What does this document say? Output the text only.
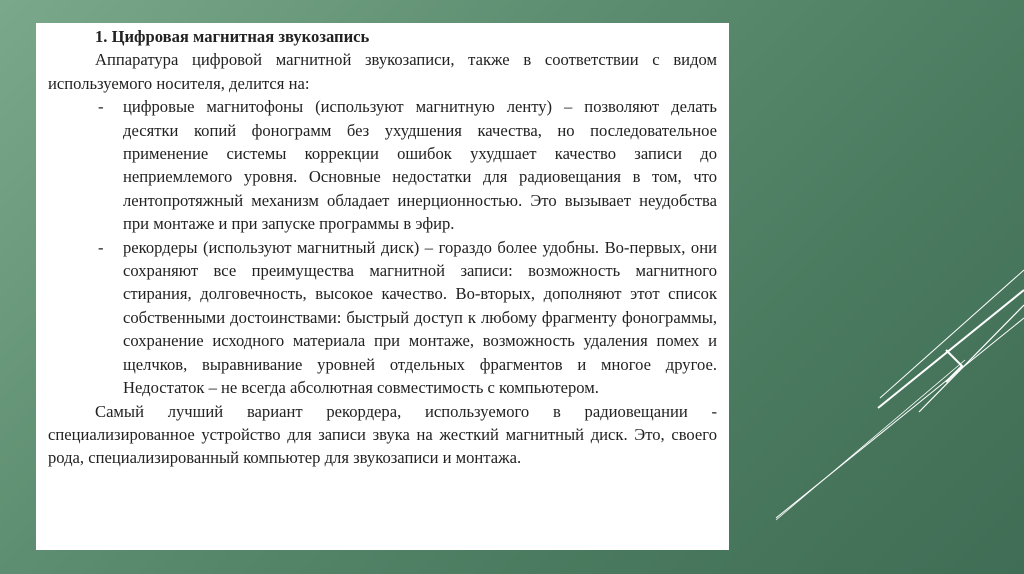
1. Цифровая магнитная звукозапись

Аппаратура цифровой магнитной звукозаписи, также в соответствии с видом используемого носителя, делится на:

- цифровые магнитофоны (используют магнитную ленту) – позволяют делать десятки копий фонограмм без ухудшения качества, но последовательное применение системы коррекции ошибок ухудшает качество записи до неприемлемого уровня. Основные недостатки для радиовещания в том, что лентопротяжный механизм обладает инерционностью. Это вызывает неудобства при монтаже и при запуске программы в эфир.
- рекордеры (используют магнитный диск) – гораздо более удобны. Во-первых, они сохраняют все преимущества магнитной записи: возможность магнитного стирания, долговечность, высокое качество. Во-вторых, дополняют этот список собственными достоинствами: быстрый доступ к любому фрагменту фонограммы, сохранение исходного материала при монтаже, возможность удаления помех и щелчков, выравнивание уровней отдельных фрагментов и многое другое. Недостаток – не всегда абсолютная совместимость с компьютером.

Самый лучший вариант рекордера, используемого в радиовещании - специализированное устройство для записи звука на жесткий магнитный диск. Это, своего рода, специализированный компьютер для звукозаписи и монтажа.
